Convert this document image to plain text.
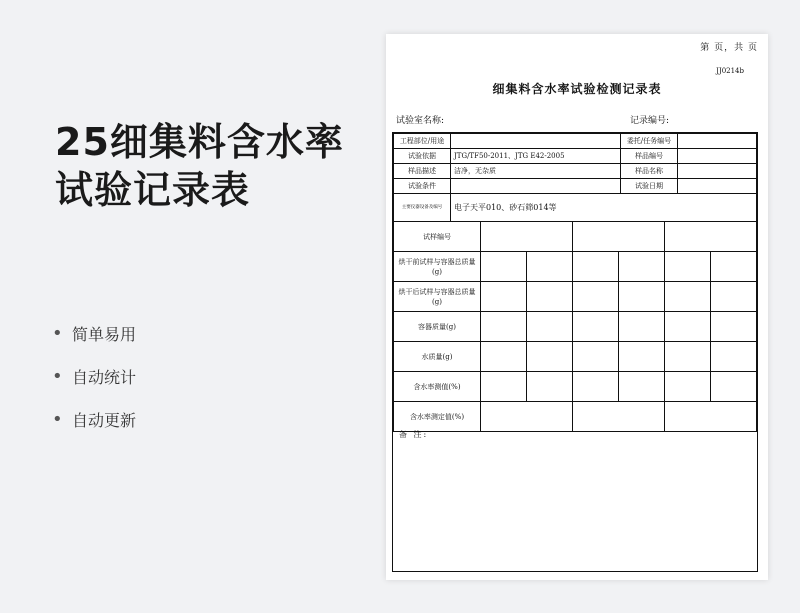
25细集料含水率
试验记录表
• 简单易用
• 自动统计
• 自动更新
第 页，共 页
JJ0214b
细集料含水率试验检测记录表
试验室名称:	记录编号:
工程部位/用途		委托/任务编号	
试验依据	JTG/TF50-2011、JTG E42-2005	样品编号	
样品描述	洁净，无杂质	样品名称	
试验条件		试验日期	
主要仪器设备及编号	电子天平010、砂石筛014等		
试样编号						
烘干前试样与容器总质量(g)						
烘干后试样与容器总质量(g)						
容器质量(g)						
水质量(g)						
含水率测值(%)						
含水率测定值(%)						
备 注:
